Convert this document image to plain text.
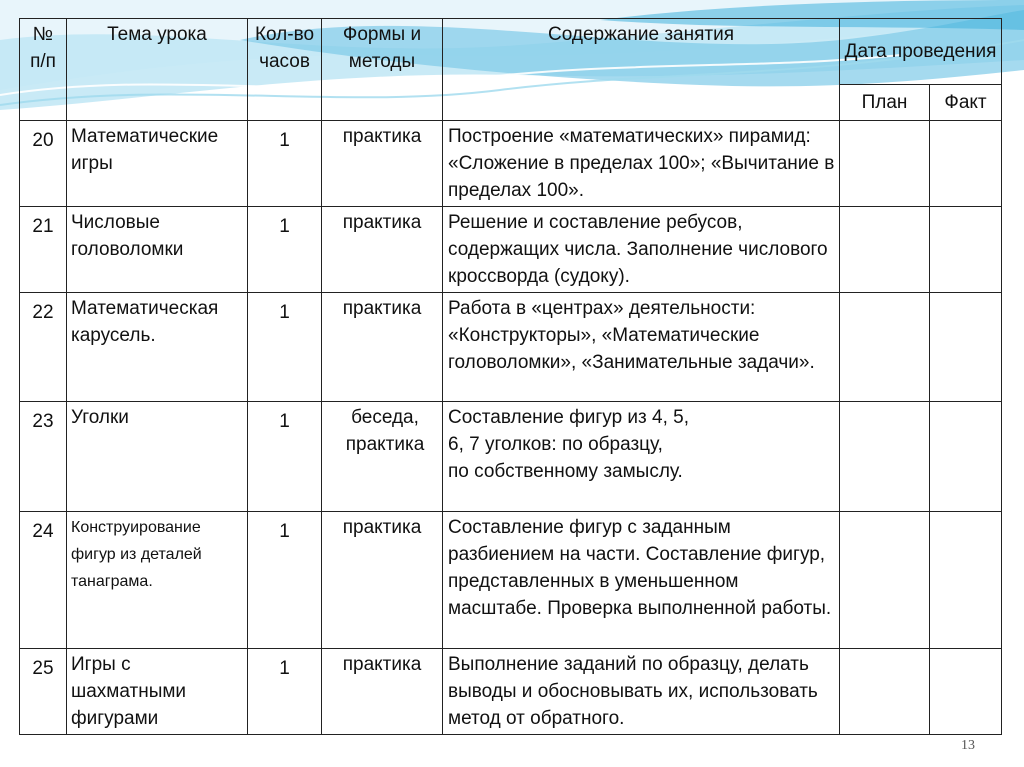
№ п/п	Тема урока	Кол-во часов	Формы и методы	Содержание занятия	Дата проведения	
					План	Факт
20	Математические игры	1	практика	Построение «математических» пирамид: «Сложение в пределах 100»; «Вычитание в пределах 100».		
21	Числовые головоломки	1	практика	Решение и составление ребусов, содержащих числа. Заполнение числового кроссворда (судоку).		
22	Математическая карусель.	1	практика	Работа в «центрах» деятельности: «Конструкторы», «Математические головоломки», «Занимательные задачи».		
23	Уголки	1	беседа, практика	Составление фигур из 4, 5, 6, 7 уголков: по образцу, по собственному замыслу.		
24	Конструирование фигур из деталей танаграма.	1	практика	Составление фигур с заданным разбиением на части. Составление фигур, представленных в уменьшенном масштабе. Проверка выполненной работы.		
25	Игры с шахматными фигурами	1	практика	Выполнение заданий по образцу, делать выводы и обосновывать их, использовать метод от обратного.		
13
